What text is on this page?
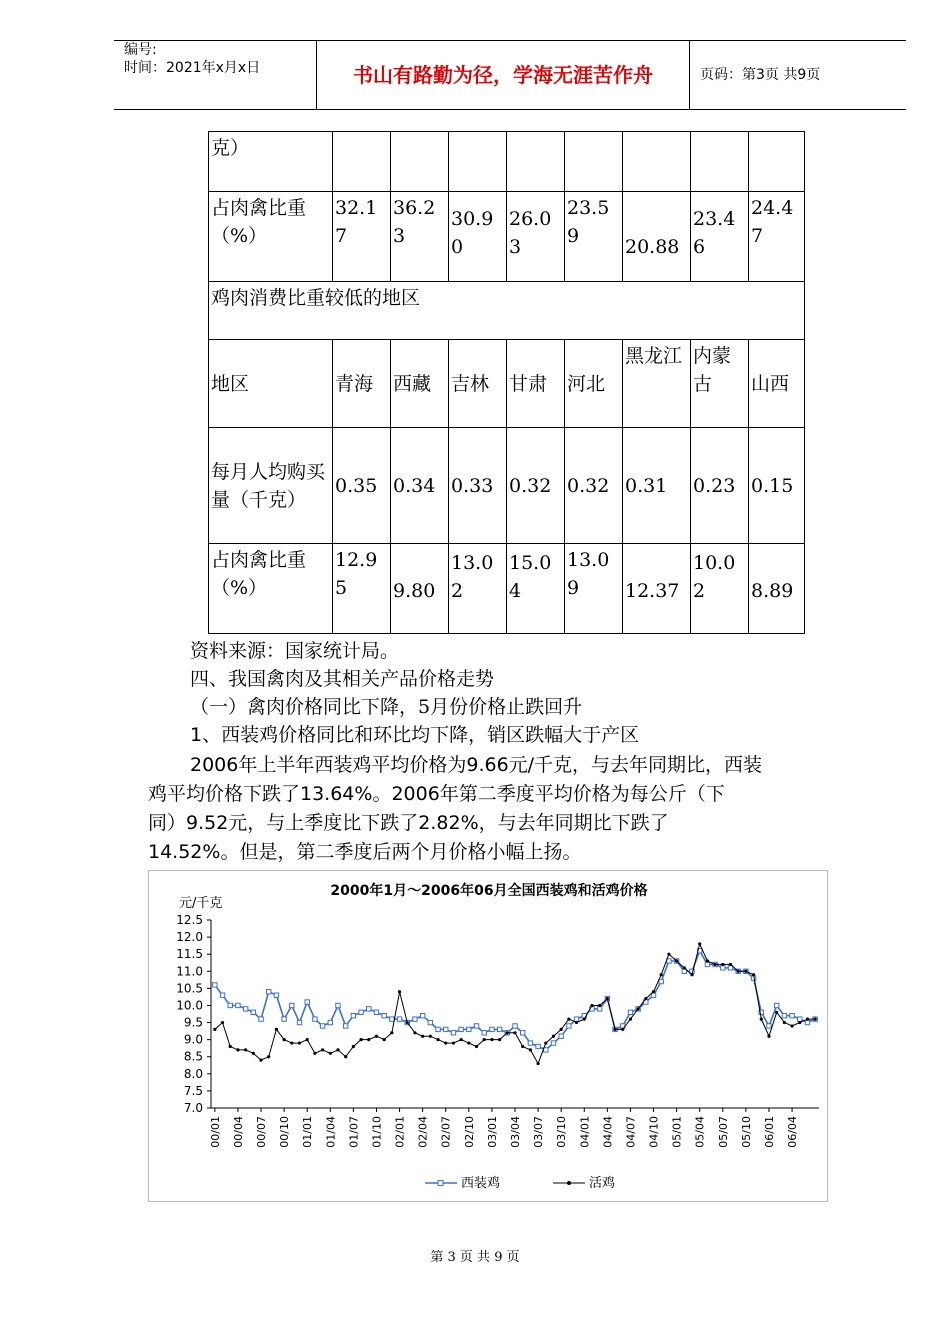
编号:
时间：2021年x月x日	书山有路勤为径，学海无涯苦作舟	页码：第3页 共9页
克）								
占肉禽比重（%）	32.17	36.23	30.90	26.03	23.59	20.88	23.46	24.47
鸡肉消费比重较低的地区								
地区	青海	西藏	吉林	甘肃	河北	黑龙江	内蒙古	山西
每月人均购买量（千克）	0.35	0.34	0.33	0.32	0.32	0.31	0.23	0.15
占肉禽比重（%）	12.95	9.80	13.02	15.04	13.09	12.37	10.02	8.89
资料来源：国家统计局。
四、我国禽肉及其相关产品价格走势
（一）禽肉价格同比下降，5月份价格止跌回升
1、西装鸡价格同比和环比均下降，销区跌幅大于产区
2006年上半年西装鸡平均价格为9.66元/千克，与去年同期比，西装
鸡平均价格下跌了13.64%。2006年第二季度平均价格为每公斤（下
同）9.52元，与上季度比下跌了2.82%，与去年同期比下跌了
14.52%。但是，第二季度后两个月价格小幅上扬。
2000年1月～2006年06月全国西装鸡和活鸡价格
元/千克
12.5
12.0
11.5
11.0
10.5
10.0
9.5
9.0
8.5
8.0
7.5
7.0
00/01 00/04 00/07 00/10 01/01 01/04 01/07 01/10 02/01 02/04 02/07 02/10 03/01 03/04 03/07 03/10 04/01 04/04 04/07 04/10 05/01 05/04 05/07 05/10 06/01 06/04
西装鸡	活鸡
第 3 页 共 9 页
